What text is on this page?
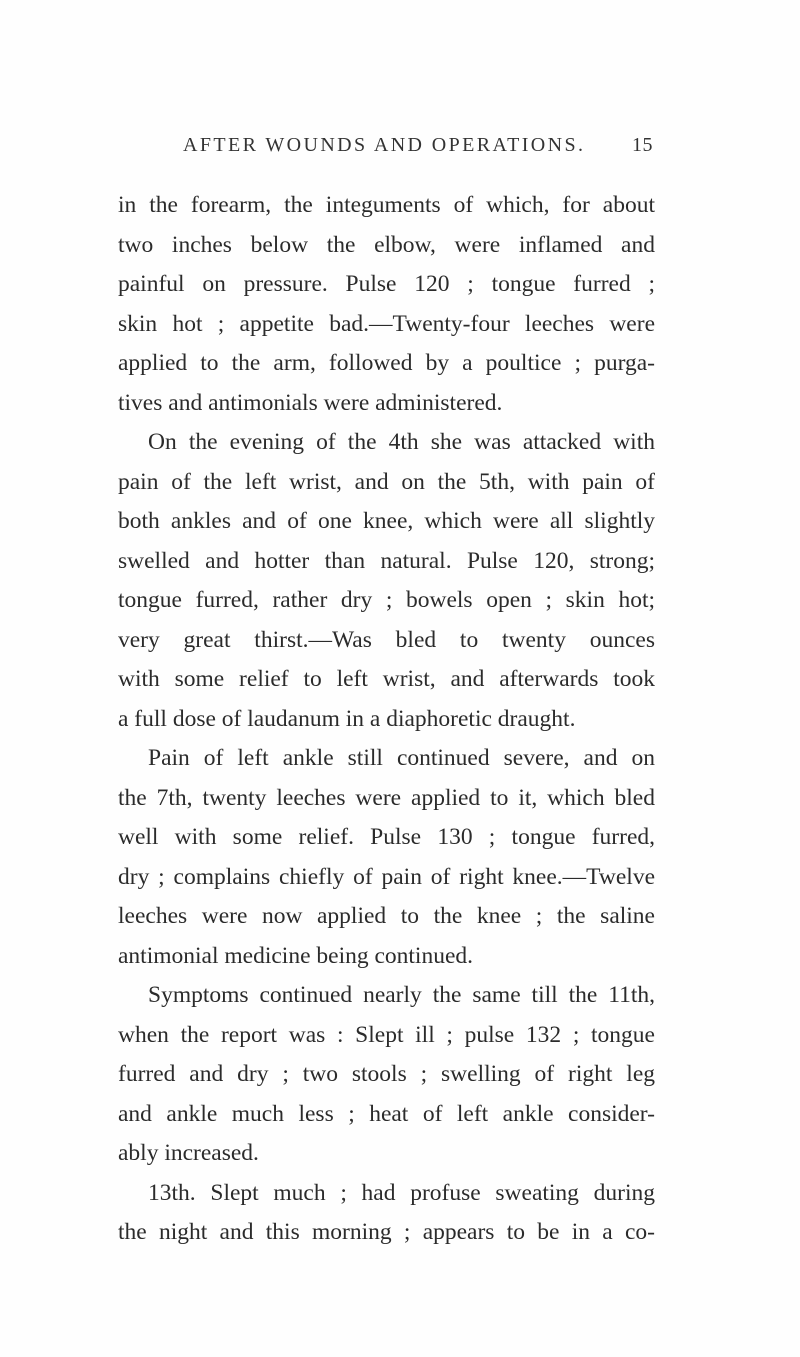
AFTER WOUNDS AND OPERATIONS. 15
in the forearm, the integuments of which, for about
two inches below the elbow, were inflamed and
painful on pressure. Pulse 120 ; tongue furred ;
skin hot ; appetite bad.—Twenty-four leeches were
applied to the arm, followed by a poultice ; purga-
tives and antimonials were administered.
On the evening of the 4th she was attacked with
pain of the left wrist, and on the 5th, with pain of
both ankles and of one knee, which were all slightly
swelled and hotter than natural. Pulse 120, strong;
tongue furred, rather dry ; bowels open ; skin hot;
very great thirst.—Was bled to twenty ounces
with some relief to left wrist, and afterwards took
a full dose of laudanum in a diaphoretic draught.
Pain of left ankle still continued severe, and on
the 7th, twenty leeches were applied to it, which bled
well with some relief. Pulse 130 ; tongue furred,
dry ; complains chiefly of pain of right knee.—Twelve
leeches were now applied to the knee ; the saline
antimonial medicine being continued.
Symptoms continued nearly the same till the 11th,
when the report was : Slept ill ; pulse 132 ; tongue
furred and dry ; two stools ; swelling of right leg
and ankle much less ; heat of left ankle consider-
ably increased.
13th. Slept much ; had profuse sweating during
the night and this morning ; appears to be in a co-
